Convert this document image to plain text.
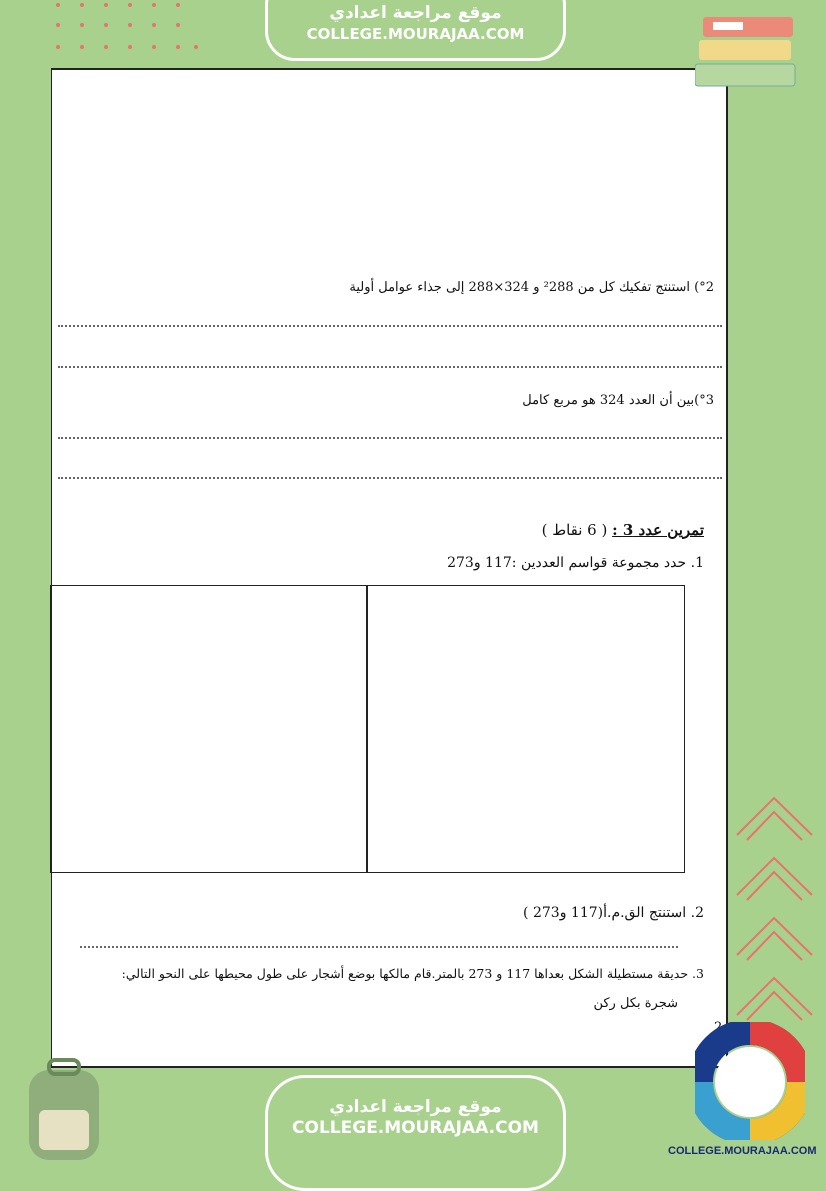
موقع مراجعة اعدادي
COLLEGE.MOURAJAA.COM
°2) استنتج تفكيك كل من ²288 و 324×288 إلى جذاء عوامل أولية
°3)بين أن العدد 324 هو مربع كامل
تمرين عدد 3 : ( 6 نقاط )
1. حدد مجموعة قواسم العددين :117 و273
2. استنتج الق.م.أ(117 و273 )
3. حديقة مستطيلة الشكل بعداها 117 و 273 بالمتر.قام مالكها بوضع أشجار على طول محيطها على النحو التالي:
شجرة بكل ركن
2
موقع مراجعة اعدادي
COLLEGE.MOURAJAA.COM
COLLEGE.MOURAJAA.COM
